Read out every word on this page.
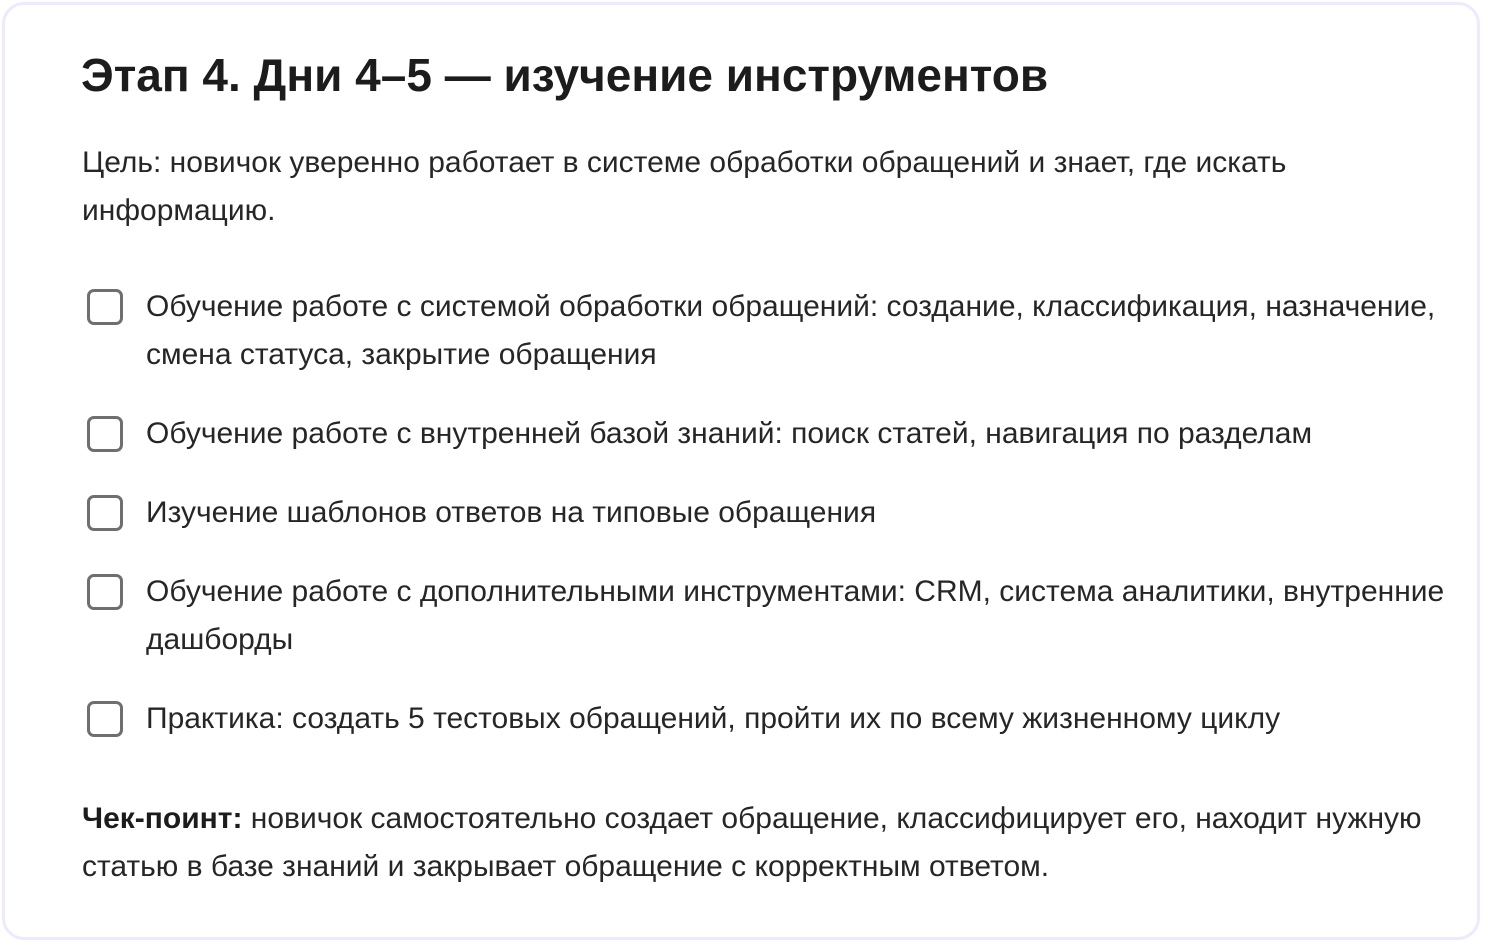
Этап 4. Дни 4–5 — изучение инструментов

Цель: новичок уверенно работает в системе обработки обращений и знает, где искать информацию.

Обучение работе с системой обработки обращений: создание, классификация, назначение, смена статуса, закрытие обращения
Обучение работе с внутренней базой знаний: поиск статей, навигация по разделам
Изучение шаблонов ответов на типовые обращения
Обучение работе с дополнительными инструментами: CRM, система аналитики, внутренние дашборды
Практика: создать 5 тестовых обращений, пройти их по всему жизненному циклу

Чек-поинт: новичок самостоятельно создает обращение, классифицирует его, находит нужную статью в базе знаний и закрывает обращение с корректным ответом.
